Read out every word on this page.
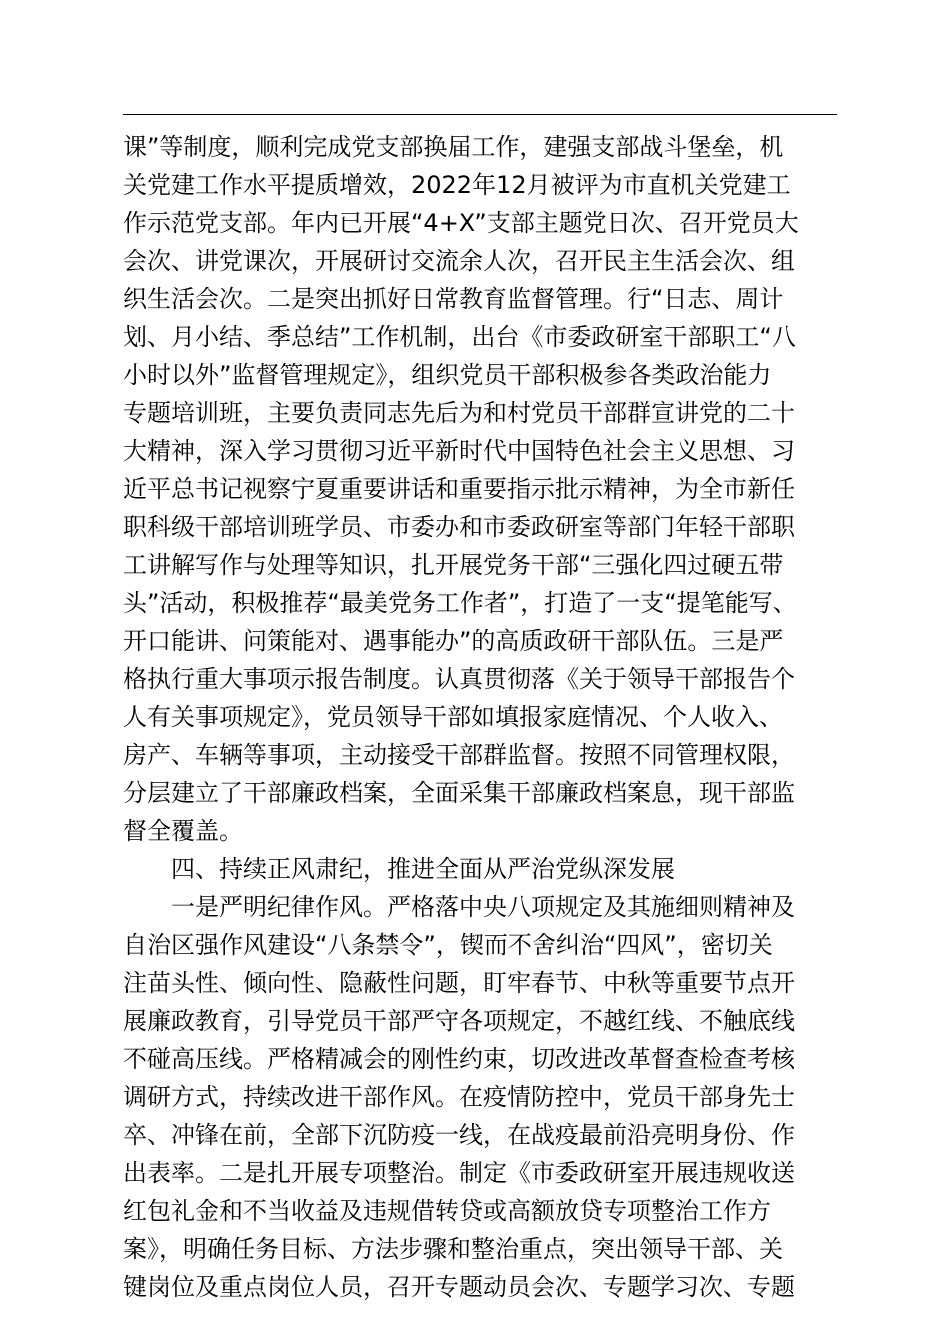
课”等制度，顺利完成党支部换届工作，建强支部战斗堡垒，机
关党建工作水平提质增效，2022年12月被评为市直机关党建工
作示范党支部。年内已开展“4+X”支部主题党日次、召开党员大
会次、讲党课次，开展研讨交流余人次，召开民主生活会次、组
织生活会次。二是突出抓好日常教育监督管理。行“日志、周计
划、月小结、季总结”工作机制，出台《市委政研室干部职工“八
小时以外”监督管理规定》，组织党员干部积极参各类政治能力
专题培训班，主要负责同志先后为和村党员干部群宣讲党的二十
大精神，深入学习贯彻习近平新时代中国特色社会主义思想、习
近平总书记视察宁夏重要讲话和重要指示批示精神，为全市新任
职科级干部培训班学员、市委办和市委政研室等部门年轻干部职
工讲解写作与处理等知识，扎开展党务干部“三强化四过硬五带
头”活动，积极推荐“最美党务工作者”，打造了一支“提笔能写、
开口能讲、问策能对、遇事能办”的高质政研干部队伍。三是严
格执行重大事项示报告制度。认真贯彻落《关于领导干部报告个
人有关事项规定》，党员领导干部如填报家庭情况、个人收入、
房产、车辆等事项，主动接受干部群监督。按照不同管理权限，
分层建立了干部廉政档案，全面采集干部廉政档案息，现干部监
督全覆盖。
四、持续正风肃纪，推进全面从严治党纵深发展
一是严明纪律作风。严格落中央八项规定及其施细则精神及
自治区强作风建设“八条禁令”，锲而不舍纠治“四风”，密切关
注苗头性、倾向性、隐蔽性问题，盯牢春节、中秋等重要节点开
展廉政教育，引导党员干部严守各项规定，不越红线、不触底线
不碰高压线。严格精减会的刚性约束，切改进改革督查检查考核
调研方式，持续改进干部作风。在疫情防控中，党员干部身先士
卒、冲锋在前，全部下沉防疫一线，在战疫最前沿亮明身份、作
出表率。二是扎开展专项整治。制定《市委政研室开展违规收送
红包礼金和不当收益及违规借转贷或高额放贷专项整治工作方
案》，明确任务目标、方法步骤和整治重点，突出领导干部、关
键岗位及重点岗位人员，召开专题动员会次、专题学习次、专题
